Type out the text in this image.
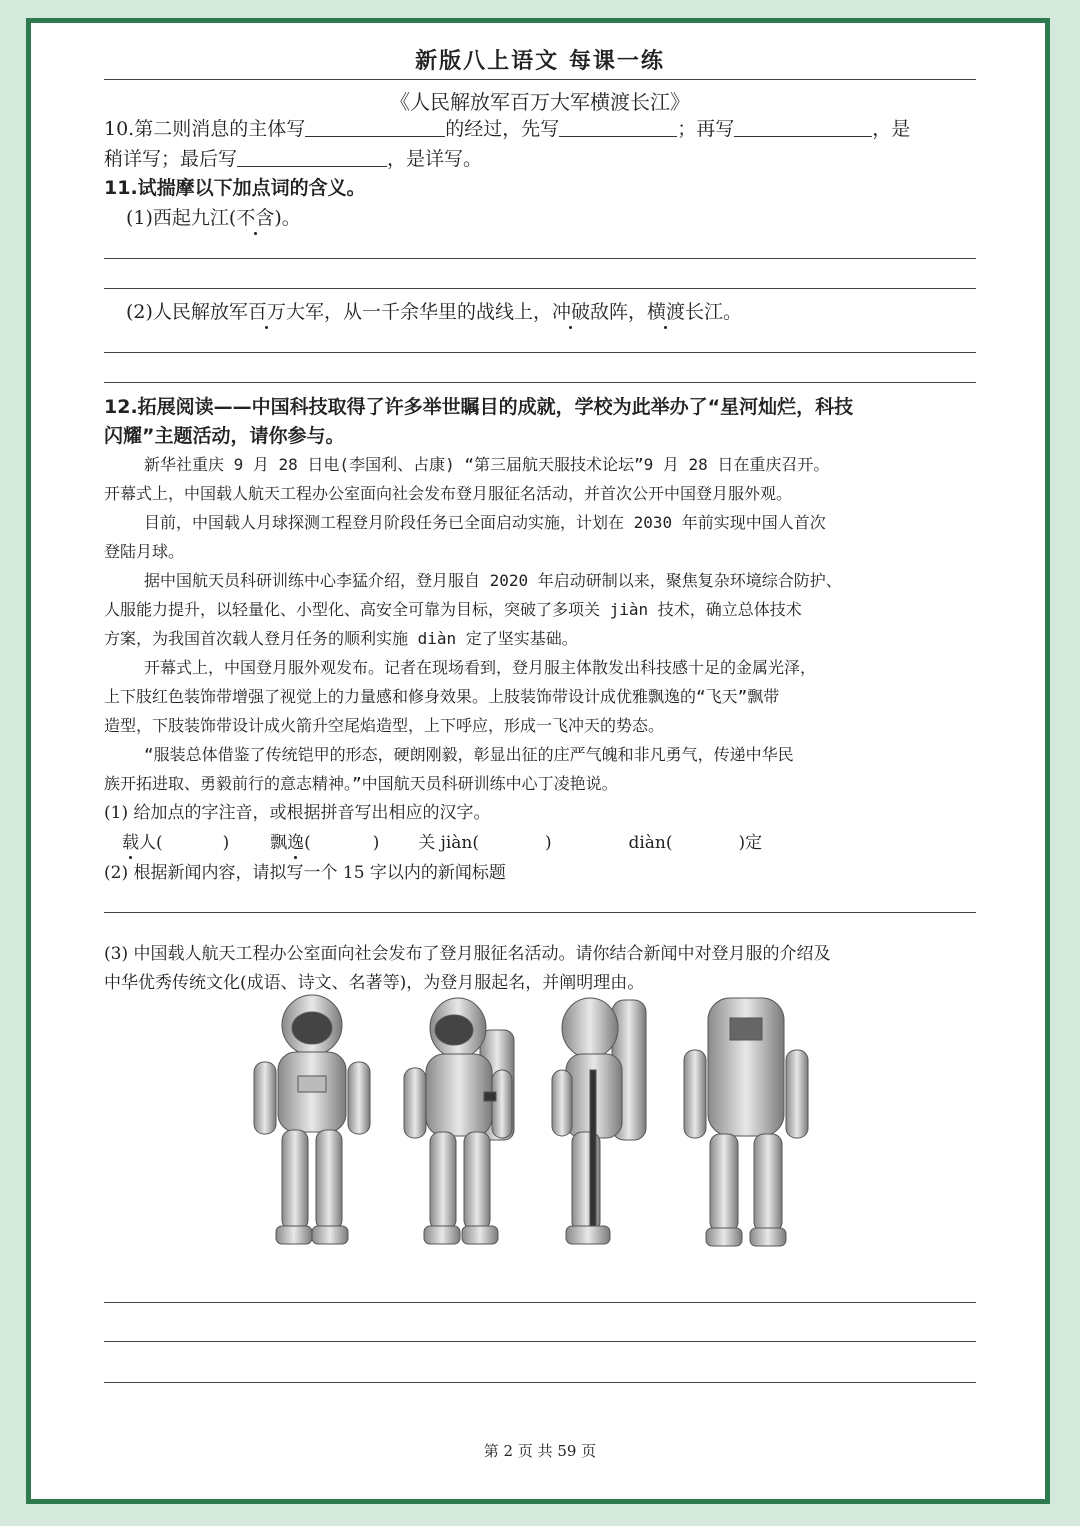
新版八上语文 每课一练
《人民解放军百万大军横渡长江》
10.第二则消息的主体写	的经过，先写	；再写	，是
稍详写；最后写	，是详写。
11.试揣摩以下加点词的含义。
(1)西起九江(不含)。
(2)人民解放军百万大军，从一千余华里的战线上，冲破敌阵，横渡长江。
12.拓展阅读——中国科技取得了许多举世瞩目的成就，学校为此举办了“星河灿烂，科技
闪耀”主题活动，请你参与。
新华社重庆 9 月 28 日电(李国利、占康) “第三届航天服技术论坛”9 月 28 日在重庆召开。
开幕式上，中国载人航天工程办公室面向社会发布登月服征名活动，并首次公开中国登月服外观。
目前，中国载人月球探测工程登月阶段任务已全面启动实施，计划在 2030 年前实现中国人首次
登陆月球。
据中国航天员科研训练中心李猛介绍，登月服自 2020 年启动研制以来，聚焦复杂环境综合防护、
人服能力提升，以轻量化、小型化、高安全可靠为目标，突破了多项关 jiàn 技术，确立总体技术
方案，为我国首次载人登月任务的顺利实施 diàn 定了坚实基础。
开幕式上，中国登月服外观发布。记者在现场看到，登月服主体散发出科技感十足的金属光泽，
上下肢红色装饰带增强了视觉上的力量感和修身效果。上肢装饰带设计成优雅飘逸的“飞天”飘带
造型，下肢装饰带设计成火箭升空尾焰造型，上下呼应，形成一飞冲天的势态。
“服装总体借鉴了传统铠甲的形态，硬朗刚毅，彰显出征的庄严气魄和非凡勇气，传递中华民
族开拓进取、勇毅前行的意志精神。”中国航天员科研训练中心丁凌艳说。
(1) 给加点的字注音，或根据拼音写出相应的汉字。
载人(	) 飘逸(	) 关 jiàn(	)	diàn(	)定
(2) 根据新闻内容，请拟写一个 15 字以内的新闻标题
(3) 中国载人航天工程办公室面向社会发布了登月服征名活动。请你结合新闻中对登月服的介绍及
中华优秀传统文化(成语、诗文、名著等)，为登月服起名，并阐明理由。
第 2 页 共 59 页
